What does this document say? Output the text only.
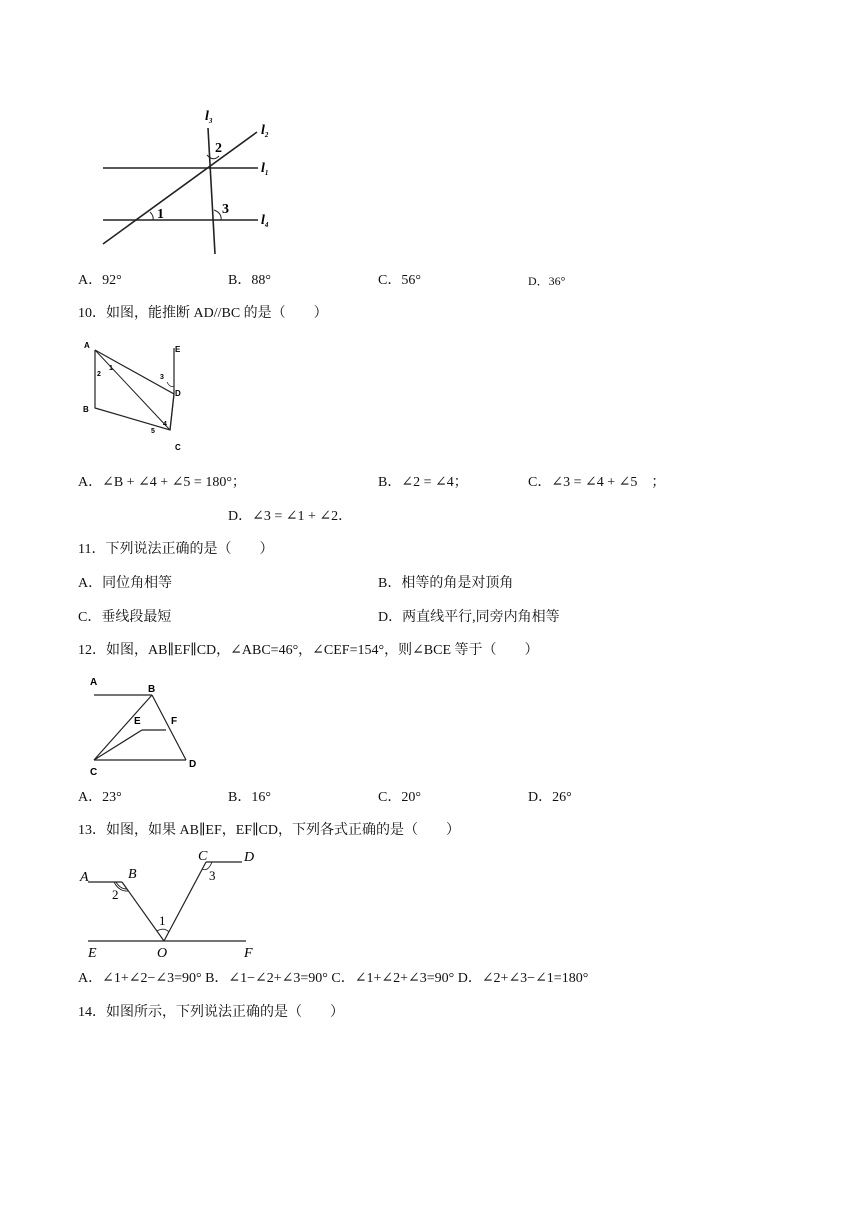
$l_3$
$l_2$
$l_1$
$l_4$
2
1	3
A．92°	B．88°	C．56°	D．36°
10．如图，能推断 AD//BC 的是（　　）
A
B
C
D
E
1
2	3
4
5
A．∠B + ∠4 + ∠5 = 180°；	B．∠2 = ∠4；	C．∠3 = ∠4 + ∠5　；
D．∠3 = ∠1 + ∠2．
11．下列说法正确的是（　　）
A．同位角相等	B．相等的角是对顶角
C．垂线段最短	D．两直线平行,同旁内角相等
12．如图，AB∥EF∥CD，∠ABC=46°，∠CEF=154°，则∠BCE 等于（　　）
A
B
E	F
C
D
A．23°	B．16°	C．20°	D．26°
13．如图，如果 AB∥EF，EF∥CD，下列各式正确的是（　　）
A	B
C	D
E	O	F
1
2
3
A．∠1+∠2−∠3=90° B．∠1−∠2+∠3=90° C．∠1+∠2+∠3=90° D．∠2+∠3−∠1=180°
14．如图所示，下列说法正确的是（　　）
